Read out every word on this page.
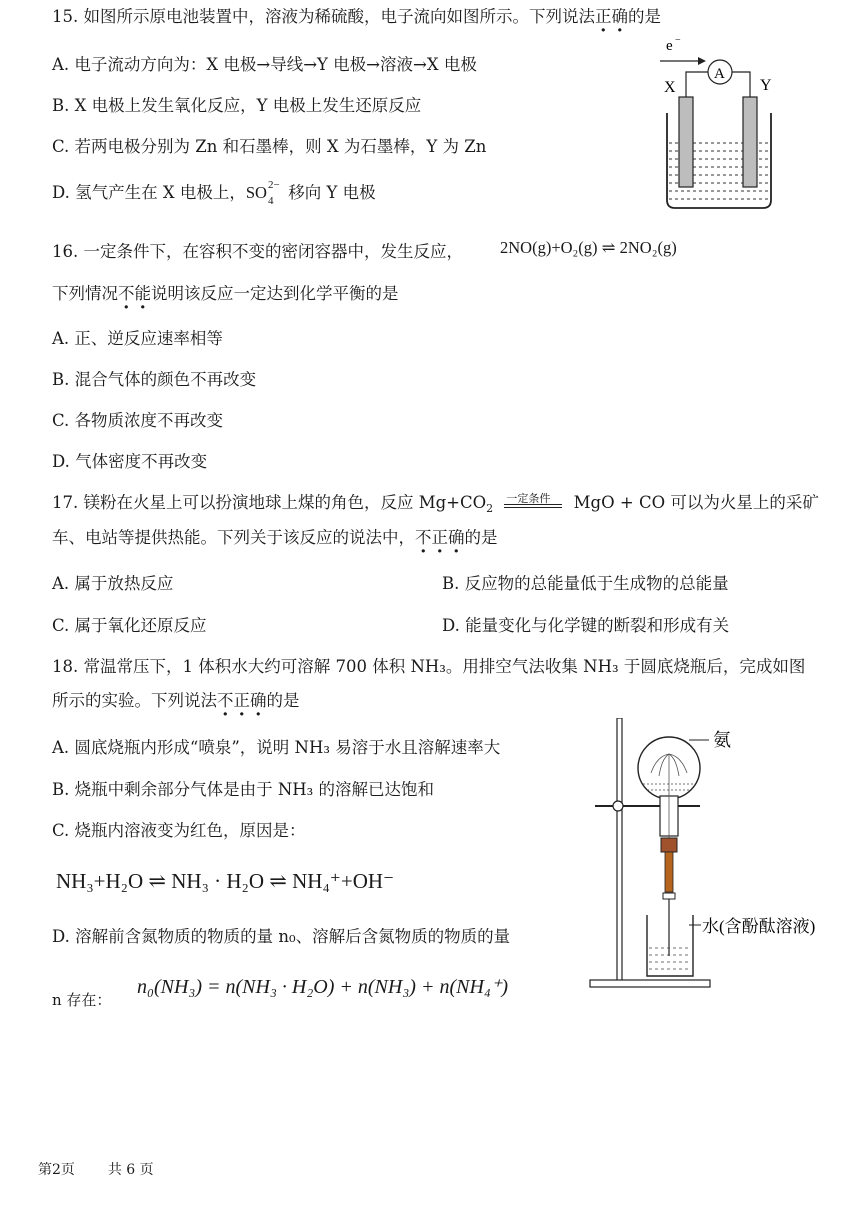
15. 如图所示原电池装置中，溶液为稀硫酸，电子流向如图所示。下列说法正确的是
A. 电子流动方向为：X 电极→导线→Y 电极→溶液→X 电极
B. X 电极上发生氧化反应，Y 电极上发生还原反应
C. 若两电极分别为 Zn 和石墨棒，则 X 为石墨棒，Y 为 Zn
D. 氢气产生在 X 电极上，SO 4
2− 移向 Y 电极
e −
X	Y
A
16. 一定条件下，在容积不变的密闭容器中，发生反应， 2NO(g)+O₂(g) ⇌ 2NO₂(g)
下列情况不能说明该反应一定达到化学平衡的是
A. 正、逆反应速率相等
B. 混合气体的颜色不再改变
C. 各物质浓度不再改变
D. 气体密度不再改变
17. 镁粉在火星上可以扮演地球上煤的角色，反应 $Mg+CO_2$
一定条件 MgO + CO 可以为火星上的采矿
车、电站等提供热能。下列关于该反应的说法中，不正确的是
A. 属于放热反应	B. 反应物的总能量低于生成物的总能量
C. 属于氧化还原反应	D. 能量变化与化学键的断裂和形成有关
18. 常温常压下，1 体积水大约可溶解 700 体积 NH₃。用排空气法收集 NH₃ 于圆底烧瓶后，完成如图
所示的实验。下列说法不正确的是
A. 圆底烧瓶内形成“喷泉”，说明 NH₃ 易溶于水且溶解速率大
B. 烧瓶中剩余部分气体是由于 NH₃ 的溶解已达饱和
C. 烧瓶内溶液变为红色，原因是：
NH₃+H₂O ⇌ NH₃ · H₂O ⇌ NH₄⁺+OH⁻
D. 溶解前含氮物质的物质的量 n₀、溶解后含氮物质的物质的量
n 存在：
n₀(NH₃) = n(NH₃ · H₂O) + n(NH₃) + n(NH₄⁺)
氨
水(含酚酞溶液)
第2页 共 6 页
